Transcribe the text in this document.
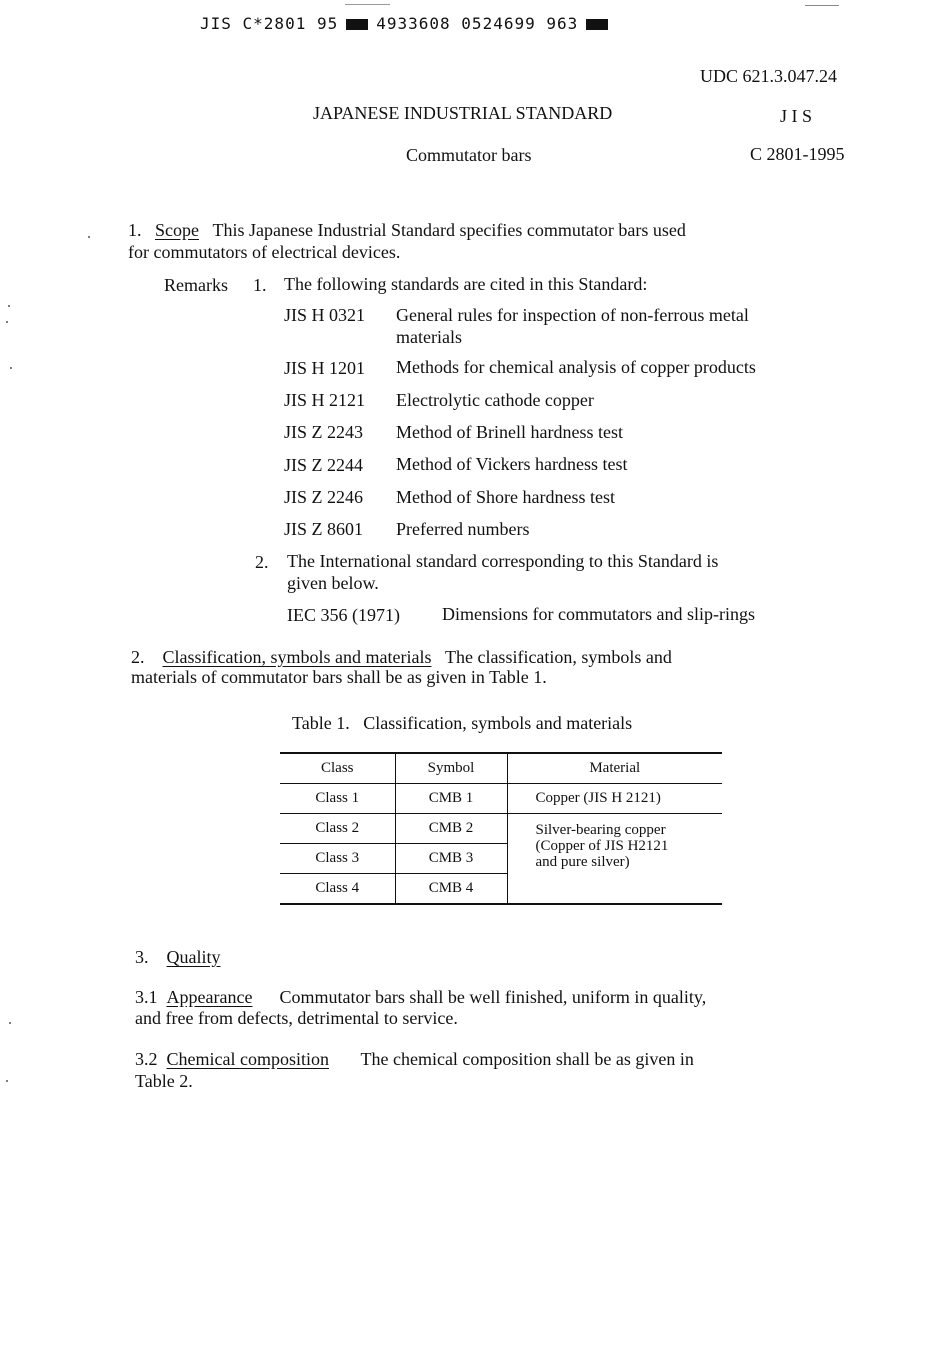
JIS C*2801 95 4933608 0524699 963
UDC 621.3.047.24
JAPANESE INDUSTRIAL STANDARD	J I S
Commutator bars	C 2801-1995
1. Scope This Japanese Industrial Standard specifies commutator bars used
for commutators of electrical devices.
Remarks 1. The following standards are cited in this Standard:
JIS H 0321 General rules for inspection of non-ferrous metal
materials
JIS H 1201 Methods for chemical analysis of copper products
JIS H 2121 Electrolytic cathode copper
JIS Z 2243 Method of Brinell hardness test
JIS Z 2244 Method of Vickers hardness test
JIS Z 2246 Method of Shore hardness test
JIS Z 8601 Preferred numbers
2. The International standard corresponding to this Standard is
given below.
IEC 356 (1971) Dimensions for commutators and slip-rings
2. Classification, symbols and materials The classification, symbols and
materials of commutator bars shall be as given in Table 1.
Table 1.   Classification, symbols and materials
Class	Symbol	Material
Class 1	CMB 1	Copper (JIS H 2121)
Class 2	CMB 2	Silver-bearing copper
(Copper of JIS H2121
and pure silver)

Class 3	CMB 3	
Class 4	CMB 4	
3. Quality
3.1 Appearance Commutator bars shall be well finished, uniform in quality,
and free from defects, detrimental to service.
3.2 Chemical composition The chemical composition shall be as given in
Table 2.
